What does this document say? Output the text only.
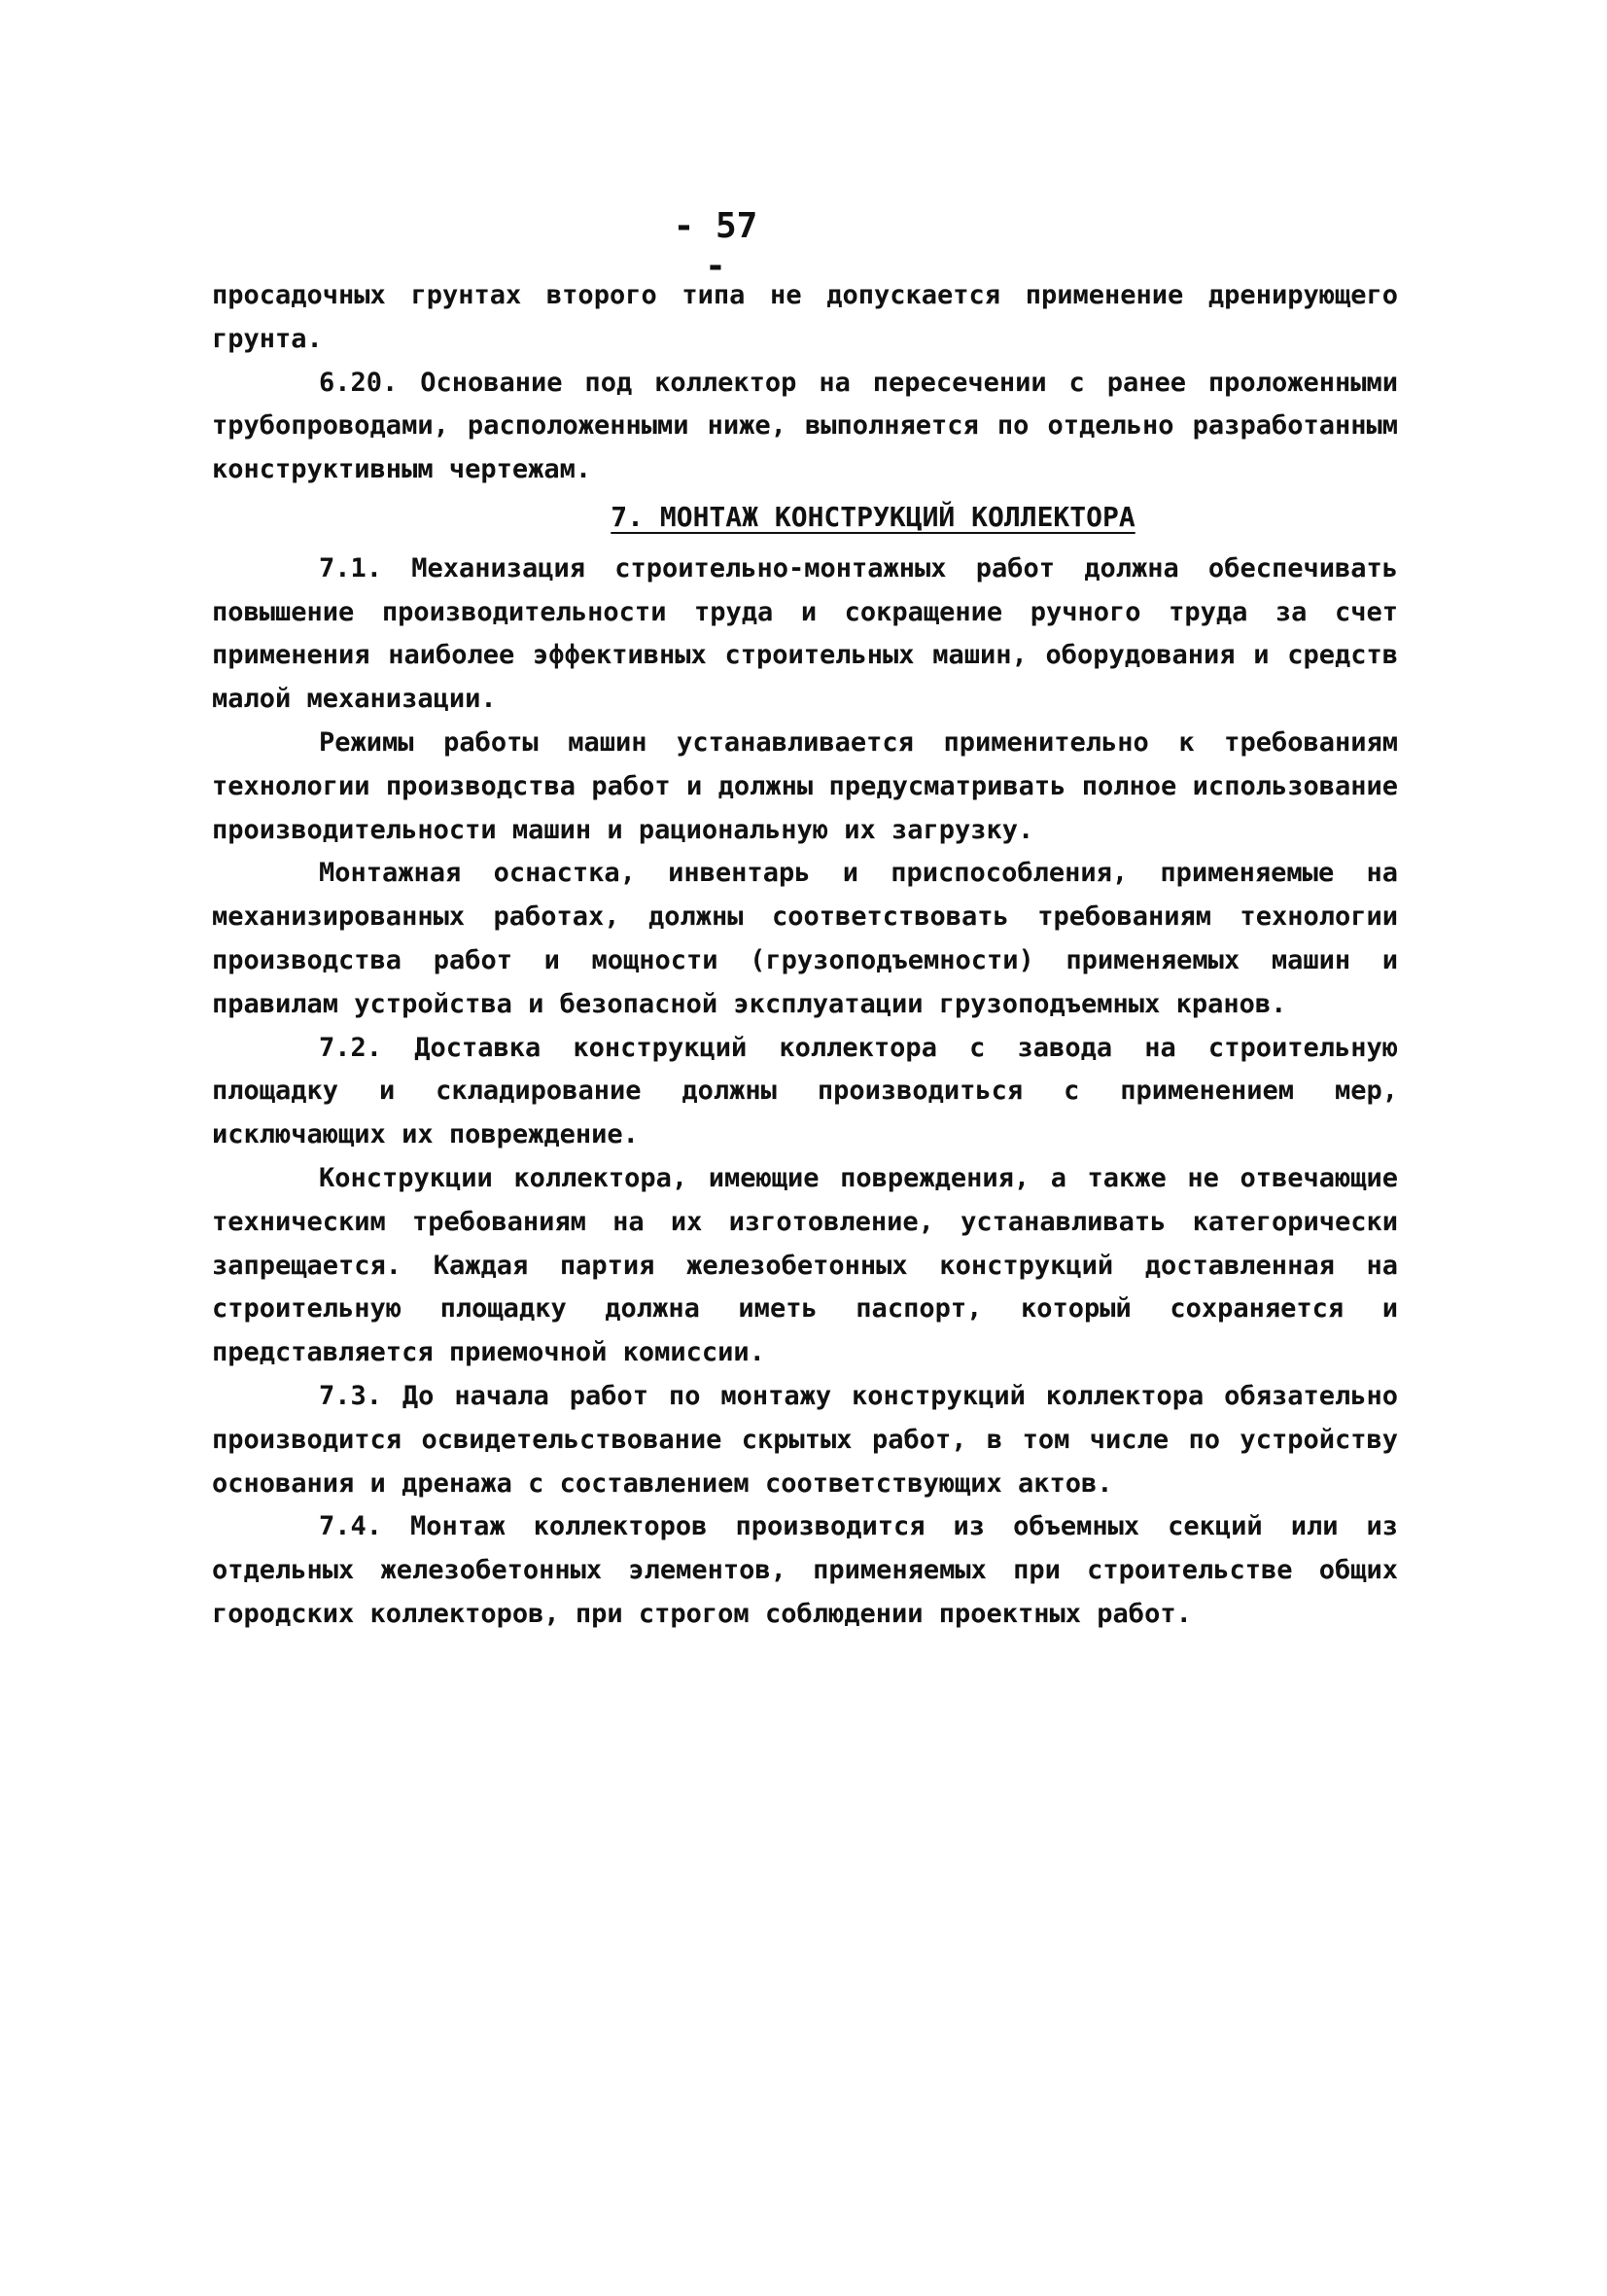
- 57 -

просадочных грунтах второго типа не допускается применение дренирующего грунта.

6.20. Основание под коллектор на пересечении с ранее проложенными трубопроводами, расположенными ниже, выполняется по отдельно разработанным конструктивным чертежам.

7. МОНТАЖ КОНСТРУКЦИЙ КОЛЛЕКТОРА

7.1. Механизация строительно-монтажных работ должна обеспечивать повышение производительности труда и сокращение ручного труда за счет применения наиболее эффективных строительных машин, оборудования и средств малой механизации.

Режимы работы машин устанавливается применительно к требованиям технологии производства работ и должны предусматривать полное использование производительности машин и рациональную их загрузку.

Монтажная оснастка, инвентарь и приспособления, применяемые на механизированных работах, должны соответствовать требованиям технологии производства работ и мощности (грузоподъемности) применяемых машин и правилам устройства и безопасной эксплуатации грузоподъемных кранов.

7.2. Доставка конструкций коллектора с завода на строительную площадку и складирование должны производиться с применением мер, исключающих их повреждение.

Конструкции коллектора, имеющие повреждения, а также не отвечающие техническим требованиям на их изготовление, устанавливать категорически запрещается. Каждая партия железобетонных конструкций доставленная на строительную площадку должна иметь паспорт, который сохраняется и представляется приемочной комиссии.

7.3. До начала работ по монтажу конструкций коллектора обязательно производится освидетельствование скрытых работ, в том числе по устройству основания и дренажа с составлением соответствующих актов.

7.4. Монтаж коллекторов производится из объемных секций или из отдельных железобетонных элементов, применяемых при строительстве общих городских коллекторов, при строгом соблюдении проектных работ.
